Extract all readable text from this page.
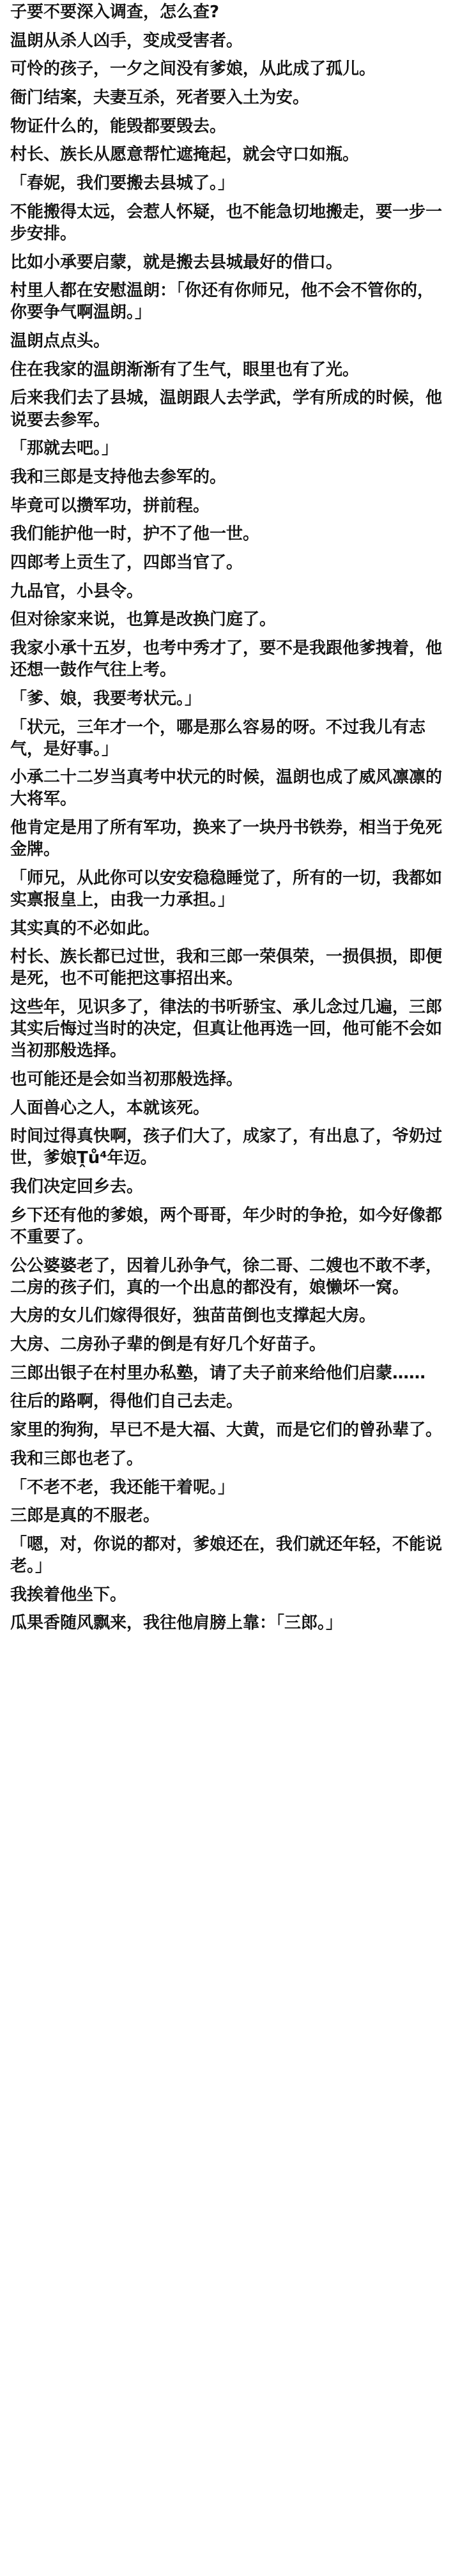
子要不要深入调查，怎么查?

温朗从杀人凶手，变成受害者。

可怜的孩子，一夕之间没有爹娘，从此成了孤儿。

衙门结案，夫妻互杀，死者要入土为安。

物证什么的，能毁都要毁去。

村长、族长从愿意帮忙遮掩起，就会守口如瓶。

「春妮，我们要搬去县城了。」

不能搬得太远，会惹人怀疑，也不能急切地搬走，要一步一步安排。

比如小承要启蒙，就是搬去县城最好的借口。

村里人都在安慰温朗：「你还有你师兄，他不会不管你的，你要争气啊温朗。」

温朗点点头。

住在我家的温朗渐渐有了生气，眼里也有了光。

后来我们去了县城，温朗跟人去学武，学有所成的时候，他说要去参军。

「那就去吧。」

我和三郎是支持他去参军的。

毕竟可以攒军功，拼前程。

我们能护他一时，护不了他一世。

四郎考上贡生了，四郎当官了。

九品官，小县令。

但对徐家来说，也算是改换门庭了。

我家小承十五岁，也考中秀才了，要不是我跟他爹拽着，他还想一鼓作气往上考。

「爹、娘，我要考状元。」

「状元，三年才一个，哪是那么容易的呀。不过我儿有志气，是好事。」

小承二十二岁当真考中状元的时候，温朗也成了威风凛凛的大将军。

他肯定是用了所有军功，换来了一块丹书铁券，相当于免死金牌。

「师兄，从此你可以安安稳稳睡觉了，所有的一切，我都如实禀报皇上，由我一力承担。」

其实真的不必如此。

村长、族长都已过世，我和三郎一荣俱荣，一损俱损，即便是死，也不可能把这事招出来。

这些年，见识多了，律法的书听骄宝、承儿念过几遍，三郎其实后悔过当时的决定，但真让他再选一回，他可能不会如当初那般选择。

也可能还是会如当初那般选择。

人面兽心之人，本就该死。

时间过得真快啊，孩子们大了，成家了，有出息了，爷奶过世，爹娘Ṱů⁴年迈。

我们决定回乡去。

乡下还有他的爹娘，两个哥哥，年少时的争抢，如今好像都不重要了。

公公婆婆老了，因着儿孙争气，徐二哥、二嫂也不敢不孝，二房的孩子们，真的一个出息的都没有，娘懒坏一窝。

大房的女儿们嫁得很好，独苗苗倒也支撑起大房。

大房、二房孙子辈的倒是有好几个好苗子。

三郎出银子在村里办私塾，请了夫子前来给他们启蒙……

往后的路啊，得他们自己去走。

家里的狗狗，早已不是大福、大黄，而是它们的曾孙辈了。

我和三郎也老了。

「不老不老，我还能干着呢。」

三郎是真的不服老。

「嗯，对，你说的都对，爹娘还在，我们就还年轻，不能说老。」

我挨着他坐下。

瓜果香随风飘来，我往他肩膀上靠：「三郎。」
